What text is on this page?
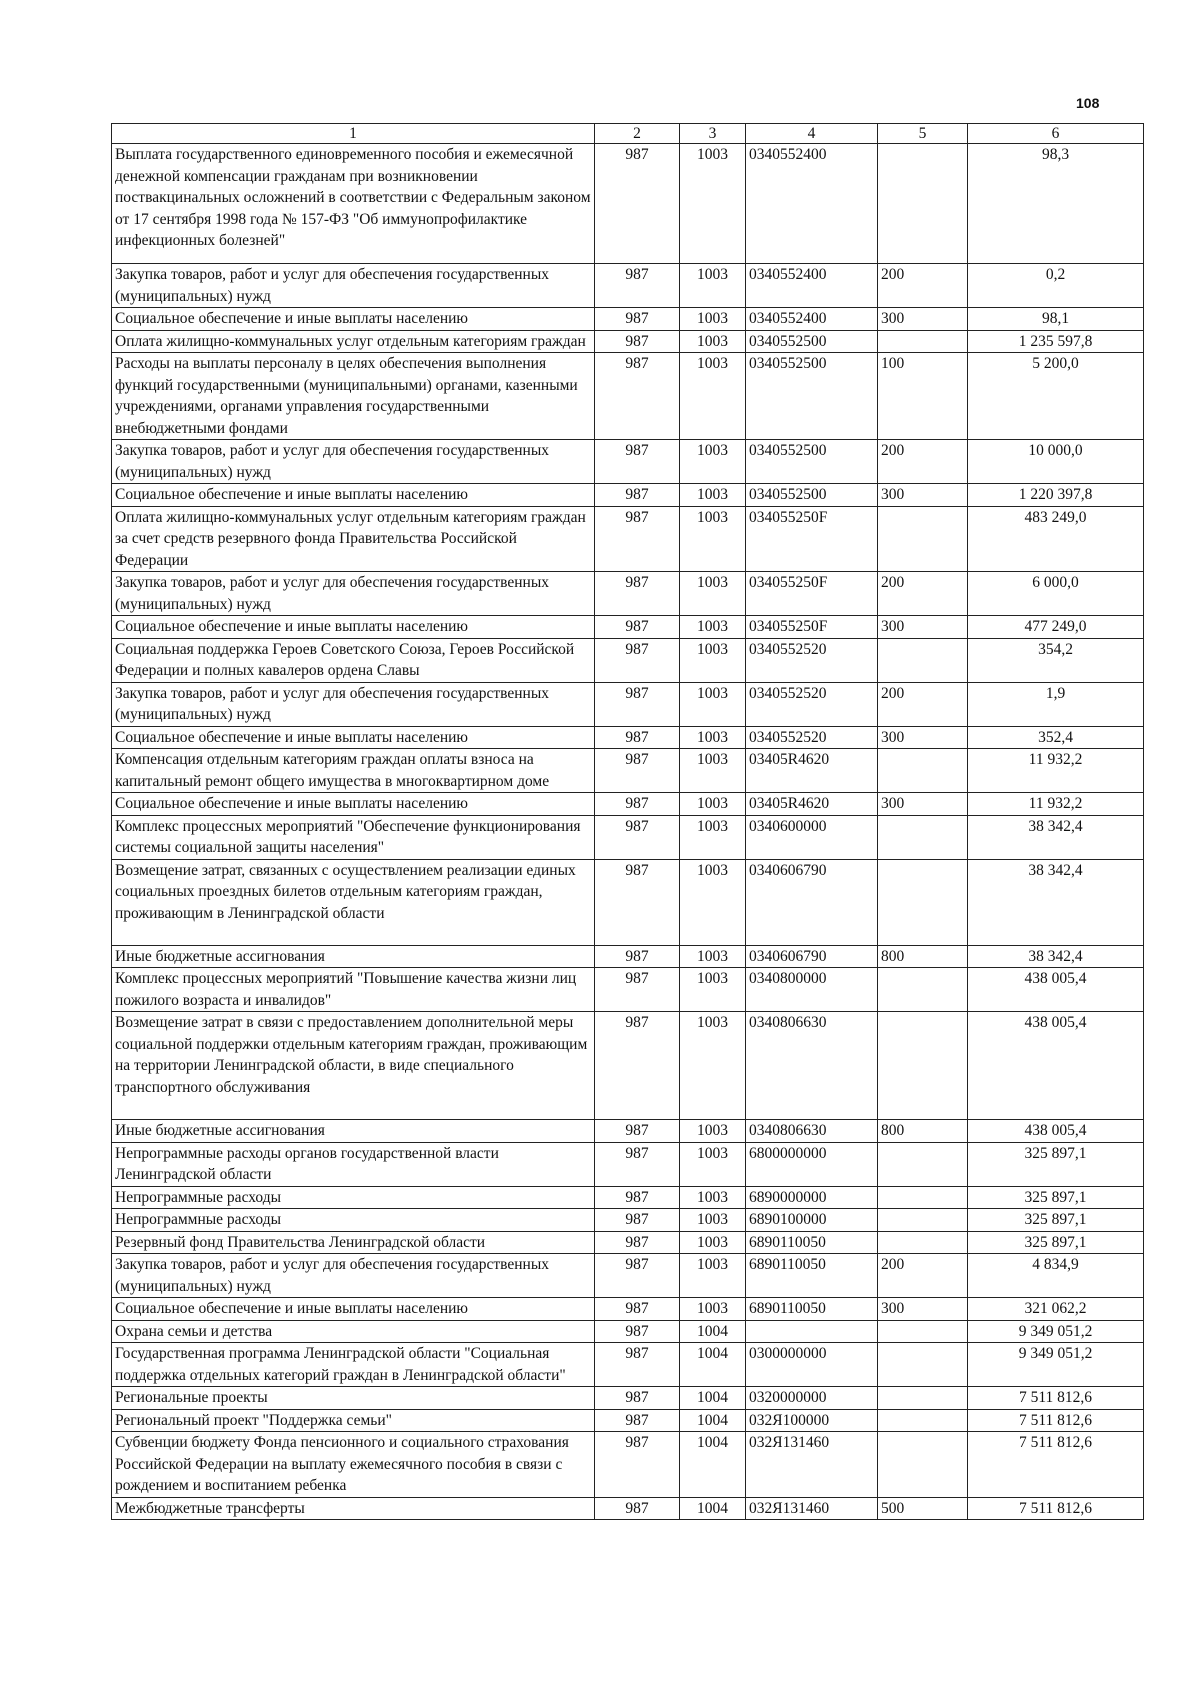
108
1	2	3	4	5	6
Выплата государственного единовременного пособия и ежемесячной денежной компенсации гражданам при возникновении поствакцинальных осложнений в соответствии с Федеральным законом от 17 сентября 1998 года № 157-ФЗ "Об иммунопрофилактике инфекционных болезней"	987	1003	0340552400		98,3
Закупка товаров, работ и услуг для обеспечения государственных (муниципальных) нужд	987	1003	0340552400	200	0,2
Социальное обеспечение и иные выплаты населению	987	1003	0340552400	300	98,1
Оплата жилищно-коммунальных услуг отдельным категориям граждан	987	1003	0340552500		1 235 597,8
Расходы на выплаты персоналу в целях обеспечения выполнения функций государственными (муниципальными) органами, казенными учреждениями, органами управления государственными внебюджетными фондами	987	1003	0340552500	100	5 200,0
Закупка товаров, работ и услуг для обеспечения государственных (муниципальных) нужд	987	1003	0340552500	200	10 000,0
Социальное обеспечение и иные выплаты населению	987	1003	0340552500	300	1 220 397,8
Оплата жилищно-коммунальных услуг отдельным категориям граждан за счет средств резервного фонда Правительства Российской Федерации	987	1003	034055250F		483 249,0
Закупка товаров, работ и услуг для обеспечения государственных (муниципальных) нужд	987	1003	034055250F	200	6 000,0
Социальное обеспечение и иные выплаты населению	987	1003	034055250F	300	477 249,0
Социальная поддержка Героев Советского Союза, Героев Российской Федерации и полных кавалеров ордена Славы	987	1003	0340552520		354,2
Закупка товаров, работ и услуг для обеспечения государственных (муниципальных) нужд	987	1003	0340552520	200	1,9
Социальное обеспечение и иные выплаты населению	987	1003	0340552520	300	352,4
Компенсация отдельным категориям граждан оплаты взноса на капитальный ремонт общего имущества в многоквартирном доме	987	1003	03405R4620		11 932,2
Социальное обеспечение и иные выплаты населению	987	1003	03405R4620	300	11 932,2
Комплекс процессных мероприятий "Обеспечение функционирования системы социальной защиты населения"	987	1003	0340600000		38 342,4
Возмещение затрат, связанных с осуществлением реализации единых социальных проездных билетов отдельным категориям граждан, проживающим в Ленинградской области	987	1003	0340606790		38 342,4
Иные бюджетные ассигнования	987	1003	0340606790	800	38 342,4
Комплекс процессных мероприятий "Повышение качества жизни лиц пожилого возраста и инвалидов"	987	1003	0340800000		438 005,4
Возмещение затрат в связи с предоставлением дополнительной меры социальной поддержки отдельным категориям граждан, проживающим на территории Ленинградской области, в виде специального транспортного обслуживания	987	1003	0340806630		438 005,4
Иные бюджетные ассигнования	987	1003	0340806630	800	438 005,4
Непрограммные расходы органов государственной власти Ленинградской области	987	1003	6800000000		325 897,1
Непрограммные расходы	987	1003	6890000000		325 897,1
Непрограммные расходы	987	1003	6890100000		325 897,1
Резервный фонд Правительства Ленинградской области	987	1003	6890110050		325 897,1
Закупка товаров, работ и услуг для обеспечения государственных (муниципальных) нужд	987	1003	6890110050	200	4 834,9
Социальное обеспечение и иные выплаты населению	987	1003	6890110050	300	321 062,2
Охрана семьи и детства	987	1004			9 349 051,2
Государственная программа Ленинградской области "Социальная поддержка отдельных категорий граждан в Ленинградской области"	987	1004	0300000000		9 349 051,2
Региональные проекты	987	1004	0320000000		7 511 812,6
Региональный проект "Поддержка семьи"	987	1004	032Я100000		7 511 812,6
Субвенции бюджету Фонда пенсионного и социального страхования Российской Федерации на выплату ежемесячного пособия в связи с рождением и воспитанием ребенка	987	1004	032Я131460		7 511 812,6
Межбюджетные трансферты	987	1004	032Я131460	500	7 511 812,6
